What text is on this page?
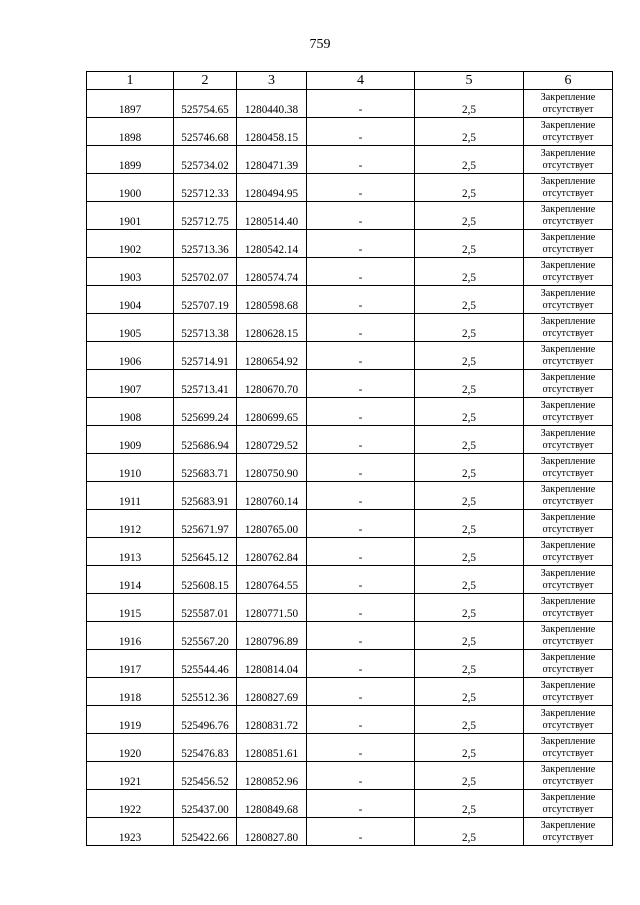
759
1	2	3	4	5	6
1897	525754.65	1280440.38	-	2,5	Закрепление отсутствует
1898	525746.68	1280458.15	-	2,5	Закрепление отсутствует
1899	525734.02	1280471.39	-	2,5	Закрепление отсутствует
1900	525712.33	1280494.95	-	2,5	Закрепление отсутствует
1901	525712.75	1280514.40	-	2,5	Закрепление отсутствует
1902	525713.36	1280542.14	-	2,5	Закрепление отсутствует
1903	525702.07	1280574.74	-	2,5	Закрепление отсутствует
1904	525707.19	1280598.68	-	2,5	Закрепление отсутствует
1905	525713.38	1280628.15	-	2,5	Закрепление отсутствует
1906	525714.91	1280654.92	-	2,5	Закрепление отсутствует
1907	525713.41	1280670.70	-	2,5	Закрепление отсутствует
1908	525699.24	1280699.65	-	2,5	Закрепление отсутствует
1909	525686.94	1280729.52	-	2,5	Закрепление отсутствует
1910	525683.71	1280750.90	-	2,5	Закрепление отсутствует
1911	525683.91	1280760.14	-	2,5	Закрепление отсутствует
1912	525671.97	1280765.00	-	2,5	Закрепление отсутствует
1913	525645.12	1280762.84	-	2,5	Закрепление отсутствует
1914	525608.15	1280764.55	-	2,5	Закрепление отсутствует
1915	525587.01	1280771.50	-	2,5	Закрепление отсутствует
1916	525567.20	1280796.89	-	2,5	Закрепление отсутствует
1917	525544.46	1280814.04	-	2,5	Закрепление отсутствует
1918	525512.36	1280827.69	-	2,5	Закрепление отсутствует
1919	525496.76	1280831.72	-	2,5	Закрепление отсутствует
1920	525476.83	1280851.61	-	2,5	Закрепление отсутствует
1921	525456.52	1280852.96	-	2,5	Закрепление отсутствует
1922	525437.00	1280849.68	-	2,5	Закрепление отсутствует
1923	525422.66	1280827.80	-	2,5	Закрепление отсутствует
